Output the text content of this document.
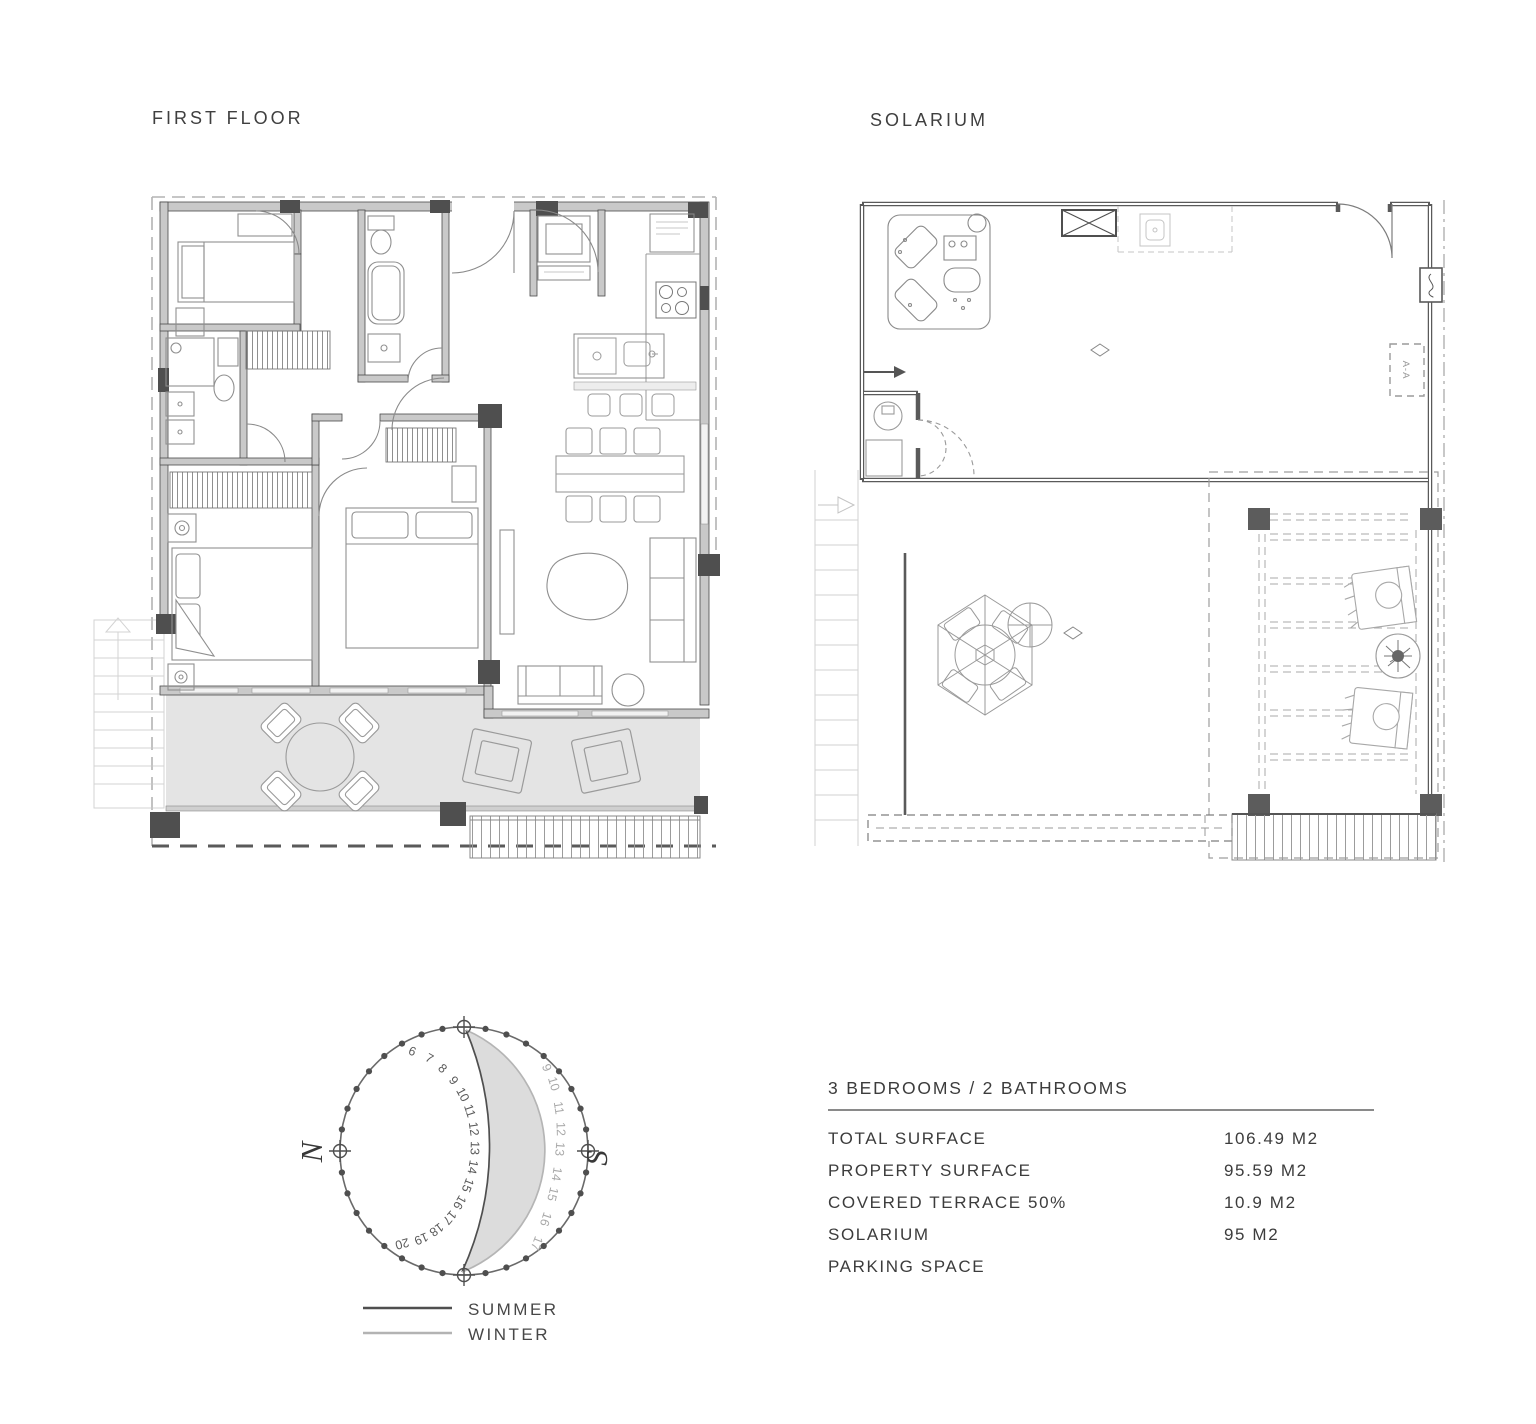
FIRST FLOOR	SOLARIUM
A-A
6 7
8
9
10
11
12
13
14
15
16
17
18
19
20
9
10
11
12
13
14
15
16
17
N	S
SUMMER
WINTER
3 BEDROOMS / 2 BATHROOMS
TOTAL SURFACE	106.49 M2
PROPERTY SURFACE	95.59 M2
COVERED TERRACE 50%	10.9 M2
SOLARIUM	95 M2
PARKING SPACE
